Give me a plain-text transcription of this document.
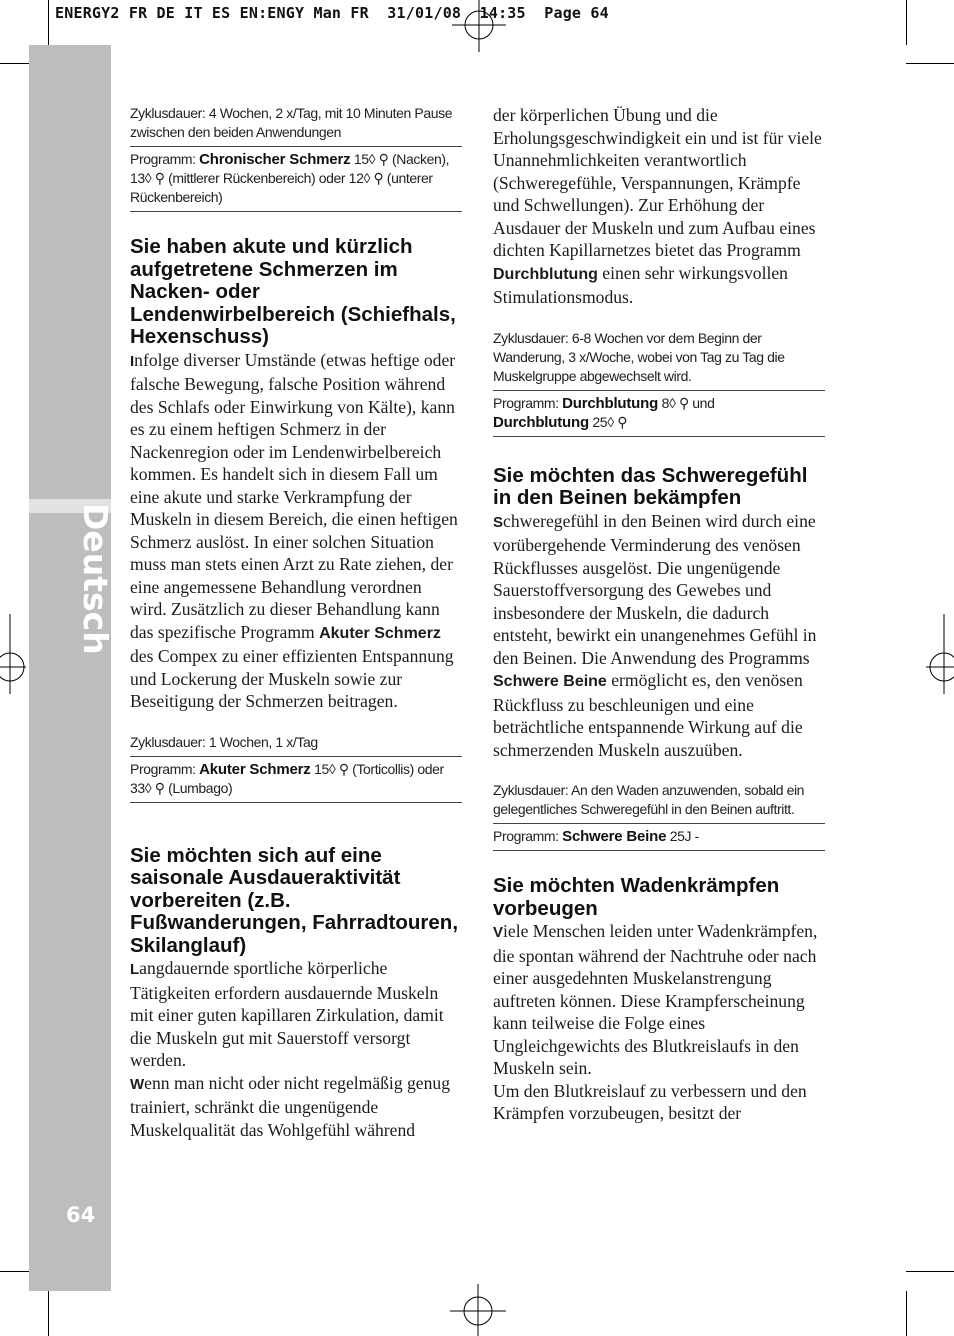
ENERGY2 FR DE IT ES EN:ENGY Man FR  31/01/08  14:35  Page 64
Deutsch
64
Zyklusdauer: 4 Wochen, 2 x/Tag, mit 10 Minuten Pause zwischen den beiden Anwendungen
Programm: Chronischer Schmerz 15◊ ⚲ (Nacken), 13◊ ⚲ (mittlerer Rückenbereich) oder 12◊ ⚲ (unterer Rückenbereich)
Sie haben akute und kürzlich aufgetretene Schmerzen im Nacken- oder Lendenwirbelbereich (Schiefhals, Hexenschuss)
Infolge diverser Umstände (etwas heftige oder falsche Bewegung, falsche Position während des Schlafs oder Einwirkung von Kälte), kann es zu einem heftigen Schmerz in der Nackenregion oder im Lendenwirbelbereich kommen. Es handelt sich in diesem Fall um eine akute und starke Verkrampfung der Muskeln in diesem Bereich, die einen heftigen Schmerz auslöst. In einer solchen Situation muss man stets einen Arzt zu Rate ziehen, der eine angemessene Behandlung verordnen wird. Zusätzlich zu dieser Behandlung kann das spezifische Programm Akuter Schmerz des Compex zu einer effizienten Entspannung und Lockerung der Muskeln sowie zur Beseitigung der Schmerzen beitragen.
Zyklusdauer: 1 Wochen, 1 x/Tag
Programm: Akuter Schmerz 15◊ ⚲ (Torticollis) oder 33◊ ⚲ (Lumbago)
Sie möchten sich auf eine saisonale Ausdaueraktivität vorbereiten (z.B. Fußwanderungen, Fahrradtouren, Skilanglauf)
Langdauernde sportliche körperliche Tätigkeiten erfordern ausdauernde Muskeln mit einer guten kapillaren Zirkulation, damit die Muskeln gut mit Sauerstoff versorgt werden.
Wenn man nicht oder nicht regelmäßig genug trainiert, schränkt die ungenügende Muskelqualität das Wohlgefühl während
der körperlichen Übung und die Erholungsgeschwindigkeit ein und ist für viele Unannehmlichkeiten verantwortlich (Schweregefühle, Verspannungen, Krämpfe und Schwellungen). Zur Erhöhung der Ausdauer der Muskeln und zum Aufbau eines dichten Kapillarnetzes bietet das Programm Durchblutung einen sehr wirkungsvollen Stimulationsmodus.
Zyklusdauer: 6-8 Wochen vor dem Beginn der Wanderung, 3 x/Woche, wobei von Tag zu Tag die Muskelgruppe abgewechselt wird.
Programm: Durchblutung 8◊ ⚲ und
Durchblutung 25◊ ⚲
Sie möchten das Schweregefühl in den Beinen bekämpfen
Schweregefühl in den Beinen wird durch eine vorübergehende Verminderung des venösen Rückflusses ausgelöst. Die ungenügende Sauerstoffversorgung des Gewebes und insbesondere der Muskeln, die dadurch entsteht, bewirkt ein unangenehmes Gefühl in den Beinen. Die Anwendung des Programms Schwere Beine ermöglicht es, den venösen Rückfluss zu beschleunigen und eine beträchtliche entspannende Wirkung auf die schmerzenden Muskeln auszuüben.
Zyklusdauer: An den Waden anzuwenden, sobald ein gelegentliches Schweregefühl in den Beinen auftritt.
Programm: Schwere Beine 25J -
Sie möchten Wadenkrämpfen vorbeugen
Viele Menschen leiden unter Wadenkrämpfen, die spontan während der Nachtruhe oder nach einer ausgedehnten Muskelanstrengung auftreten können. Diese Krampferscheinung kann teilweise die Folge eines Ungleichgewichts des Blutkreislaufs in den Muskeln sein.
Um den Blutkreislauf zu verbessern und den Krämpfen vorzubeugen, besitzt der
